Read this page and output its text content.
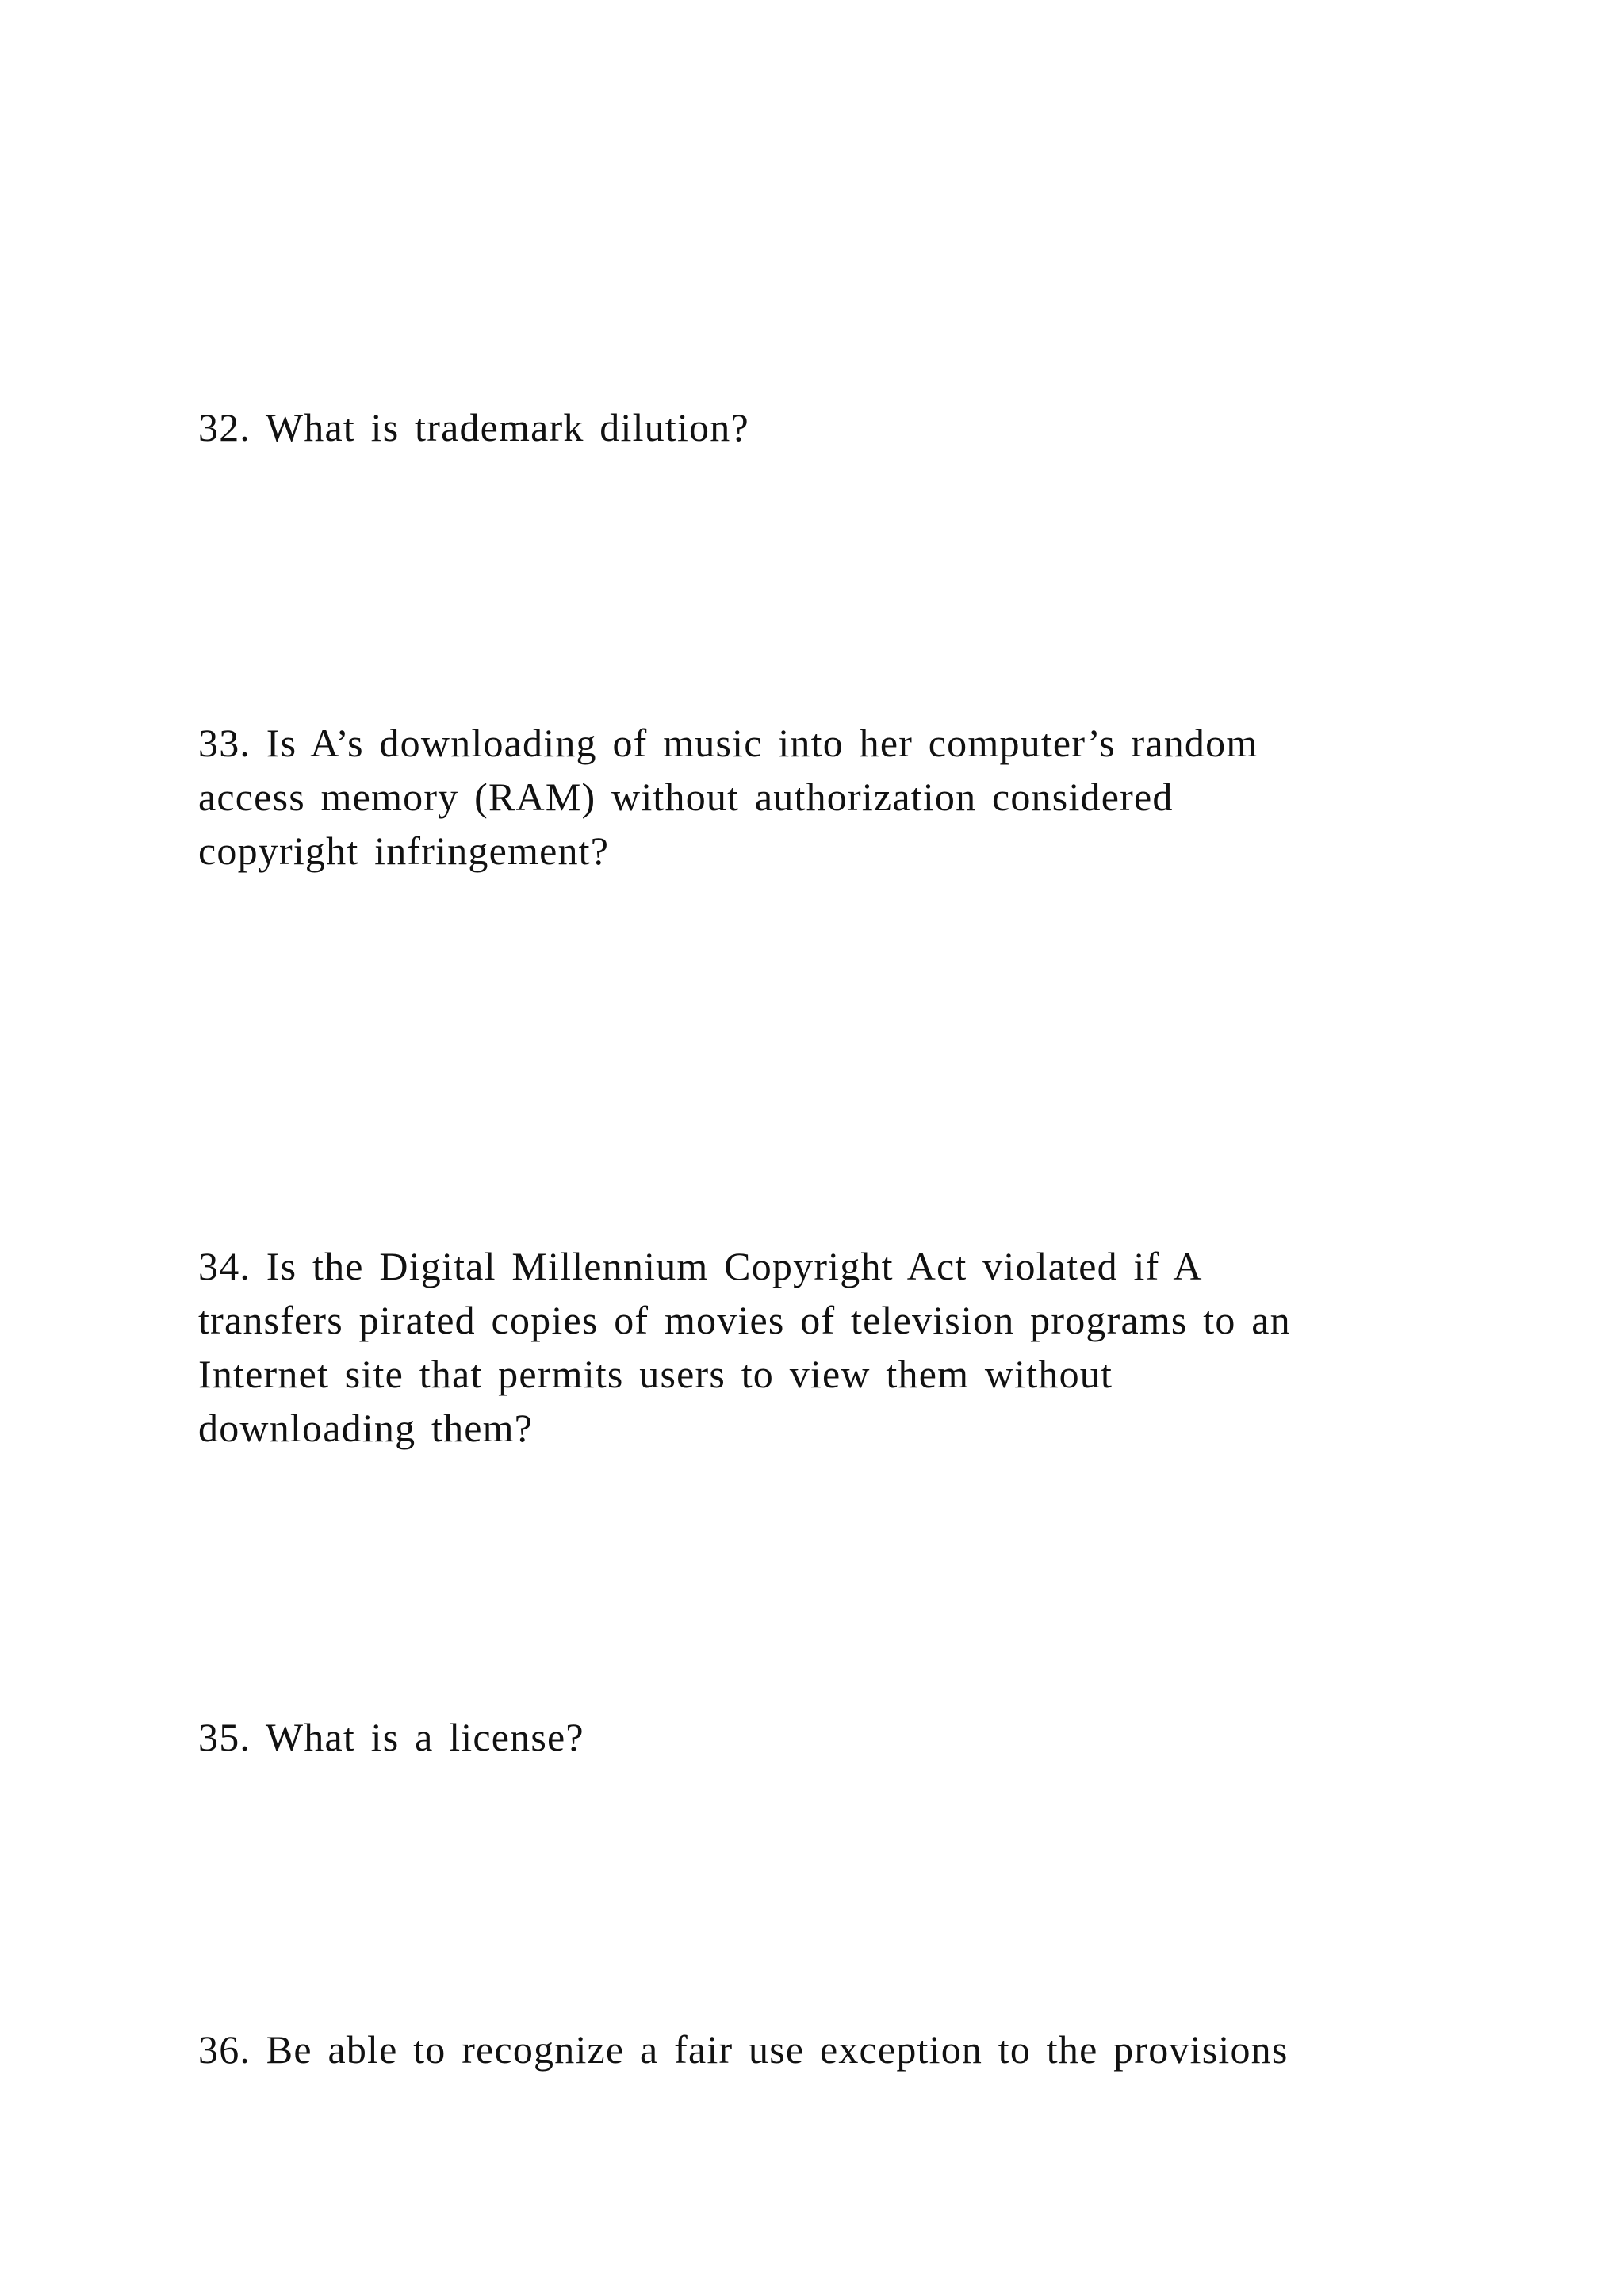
32. What is trademark dilution?

33. Is A’s downloading of music into her computer’s random
access memory (RAM) without authorization considered
copyright infringement?

34. Is the Digital Millennium Copyright Act violated if A
transfers pirated copies of movies of television programs to an
Internet site that permits users to view them without
downloading them?

35. What is a license?

36. Be able to recognize a fair use exception to the provisions
